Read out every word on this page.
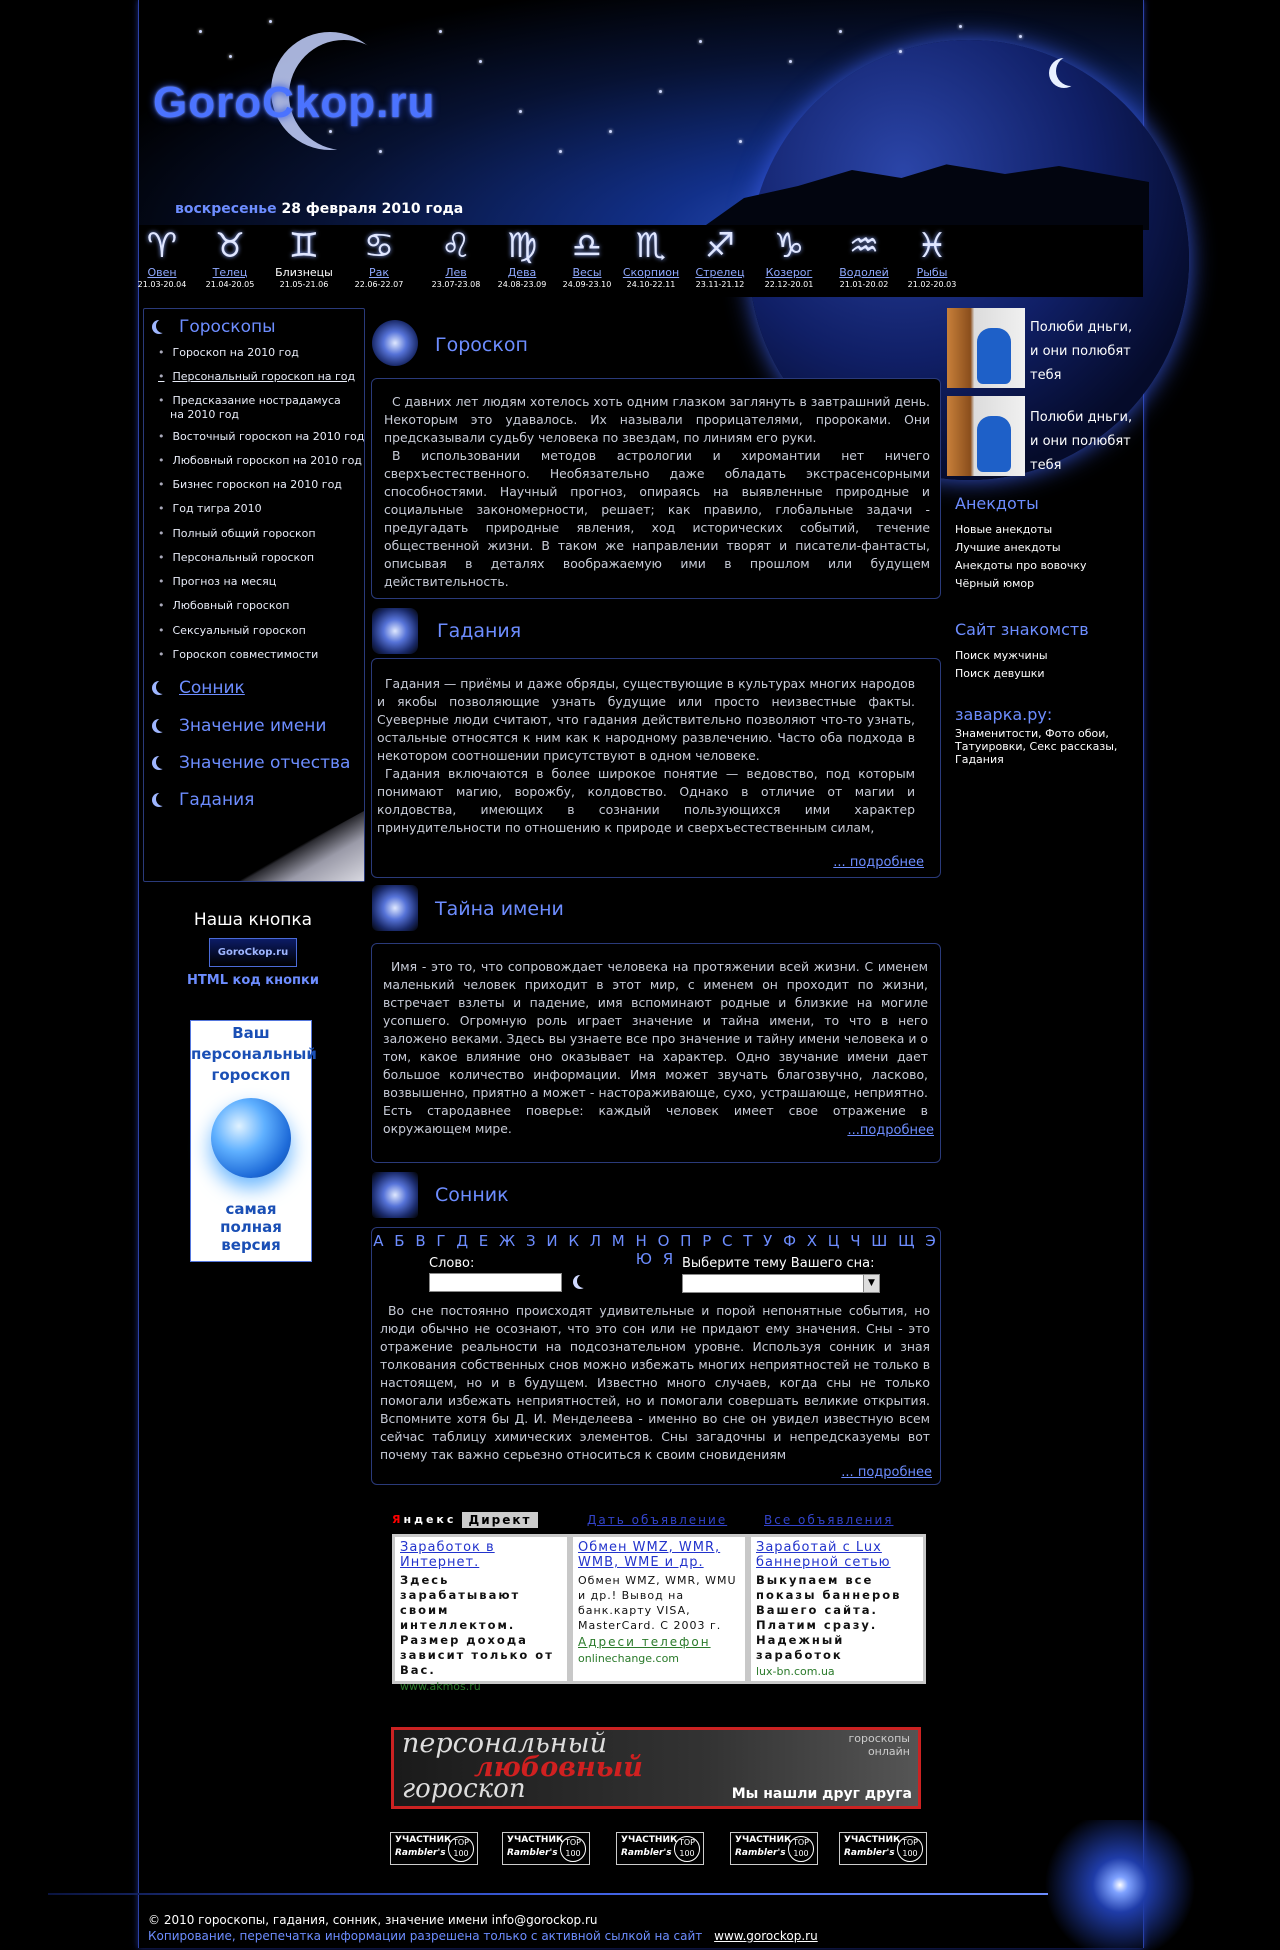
GoroCkop.ru
воскресенье 28 февраля 2010 года
♈
Овен
21.03-20.04
♉
Телец
21.04-20.05
♊
Близнецы
21.05-21.06
♋
Рак
22.06-22.07
♌
Лев
23.07-23.08
♍
Дева
24.08-23.09
♎
Весы
24.09-23.10
♏
Скорпион
24.10-22.11
♐
Стрелец
23.11-21.12
♑
Козерог
22.12-20.01
♒
Водолей
21.01-20.02
♓
Рыбы
21.02-20.03
Гороскопы
• Гороскоп на 2010 год
• Персональный гороскоп на год
• Предсказание нострадамуса
на 2010 год
• Восточный гороскоп на 2010 год
• Любовный гороскоп на 2010 год
• Бизнес гороскоп на 2010 год
• Год тигра 2010
• Полный общий гороскоп
• Персональный гороскоп
• Прогноз на месяц
• Любовный гороскоп
• Сексуальный гороскоп
• Гороскоп совместимости
Сонник
Значение имени
Значение отчества
Гадания
Наша кнопка
GoroCkop.ru
HTML код кнопки
Ваш
персональный
гороскоп
самая
полная версия
Гороскоп

С давних лет людям хотелось хоть одним глазком заглянуть в завтрашний день. Некоторым это удавалось. Их называли прорицателями, пророками. Они предсказывали судьбу человека по звездам, по линиям его руки.

В использовании методов астрологии и хиромантии нет ничего сверхъестественного. Необязательно даже обладать экстрасенсорными способностями. Научный прогноз, опираясь на выявленные природные и социальные закономерности, решает; как правило, глобальные задачи - предугадать природные явления, ход исторических событий, течение общественной жизни. В таком же направлении творят и писатели-фантасты, описывая в деталях воображаемую ими в прошлом или будущем действительность.

Гадания

Гадания — приёмы и даже обряды, существующие в культурах многих народов и якобы позволяющие узнать будущие или просто неизвестные факты. Суеверные люди считают, что гадания действительно позволяют что-то узнать, остальные относятся к ним как к народному развлечению. Часто оба подхода в некотором соотношении присутствуют в одном человеке.

Гадания включаются в более широкое понятие — ведовство, под которым понимают магию, ворожбу, колдовство. Однако в отличие от магии и колдовства, имеющих в сознании пользующихся ими характер принудительности по отношению к природе и сверхъестественным силам,

... подробнее
Тайна имени

Имя - это то, что сопровождает человека на протяжении всей жизни. С именем маленький человек приходит в этот мир, с именем он проходит по жизни, встречает взлеты и падение, имя вспоминают родные и близкие на могиле усопшего. Огромную роль играет значение и тайна имени, то что в него заложено веками. Здесь вы узнаете все про значение и тайну имени человека и о том, какое влияние оно оказывает на характер. Одно звучание имени дает большое количество информации. Имя может звучать благозвучно, ласково, возвышенно, приятно а может - настораживающе, сухо, устрашающе, неприятно. Есть стародавнее поверье: каждый человек имеет свое отражение в окружающем мире.	...подробнее
Сонник
А Б В Г Д Е Ж З И К Л М Н О П Р С Т У Ф Х Ц Ч Ш Щ Э Ю Я
Слово:	Выберите тему Вашего сна:
▼

Во сне постоянно происходят удивительные и порой непонятные события, но люди обычно не осознают, что это сон или не придают ему значения. Сны - это отражение реальности на подсознательном уровне. Используя сонник и зная толкования собственных снов можно избежать многих неприятностей не только в настоящем, но и в будущем. Известно много случаев, когда сны не только помогали избежать неприятностей, но и помогали совершать великие открытия. Вспомните хотя бы Д. И. Менделеева - именно во сне он увидел известную всем сейчас таблицу химических элементов. Сны загадочны и непредсказуемы вот почему так важно серьезно относиться к своим сновидениям

... подробнее
Яндекс	Директ	Дать объявление	Все объявления
Заработок в Интернет.
Здесь зарабатывают своим интеллектом. Размер дохода зависит только от Вас.
www.akmos.ru
Обмен WMZ, WMR, WMB, WME и др.
Обмен WMZ, WMR, WMU и др.! Вывод на банк.карту VISA, MasterCard. С 2003 г.
Адреси телефон
onlinechange.com
Заработай с Lux баннерной сетью
Выкупаем все показы баннеров Вашего сайта. Платим сразу. Надежный заработок
lux-bn.com.ua
персональный
любовный
гороскоп
гороскопы
онлайн
Мы нашли друг друга
УЧАСТНИК
Rambler's
TOP 100
УЧАСТНИК
Rambler's
TOP 100
УЧАСТНИК
Rambler's
TOP 100
УЧАСТНИК
Rambler's
TOP 100
УЧАСТНИК
Rambler's
TOP 100
Полюби дньги, и они полюбят тебя
Полюби дньги, и они полюбят тебя
Анекдоты
Новые анекдоты
Лучшие анекдоты
Анекдоты про вовочку
Чёрный юмор
Сайт знакомств
Поиск мужчины
Поиск девушки
заварка.ру:
Знаменитости, Фото обои, Татуировки, Секс рассказы, Гадания
© 2010 гороскопы, гадания, сонник, значение имени info@gorockop.ru
Копирование, перепечатка информации разрешена только с активной сылкой на сайт www.gorockop.ru
